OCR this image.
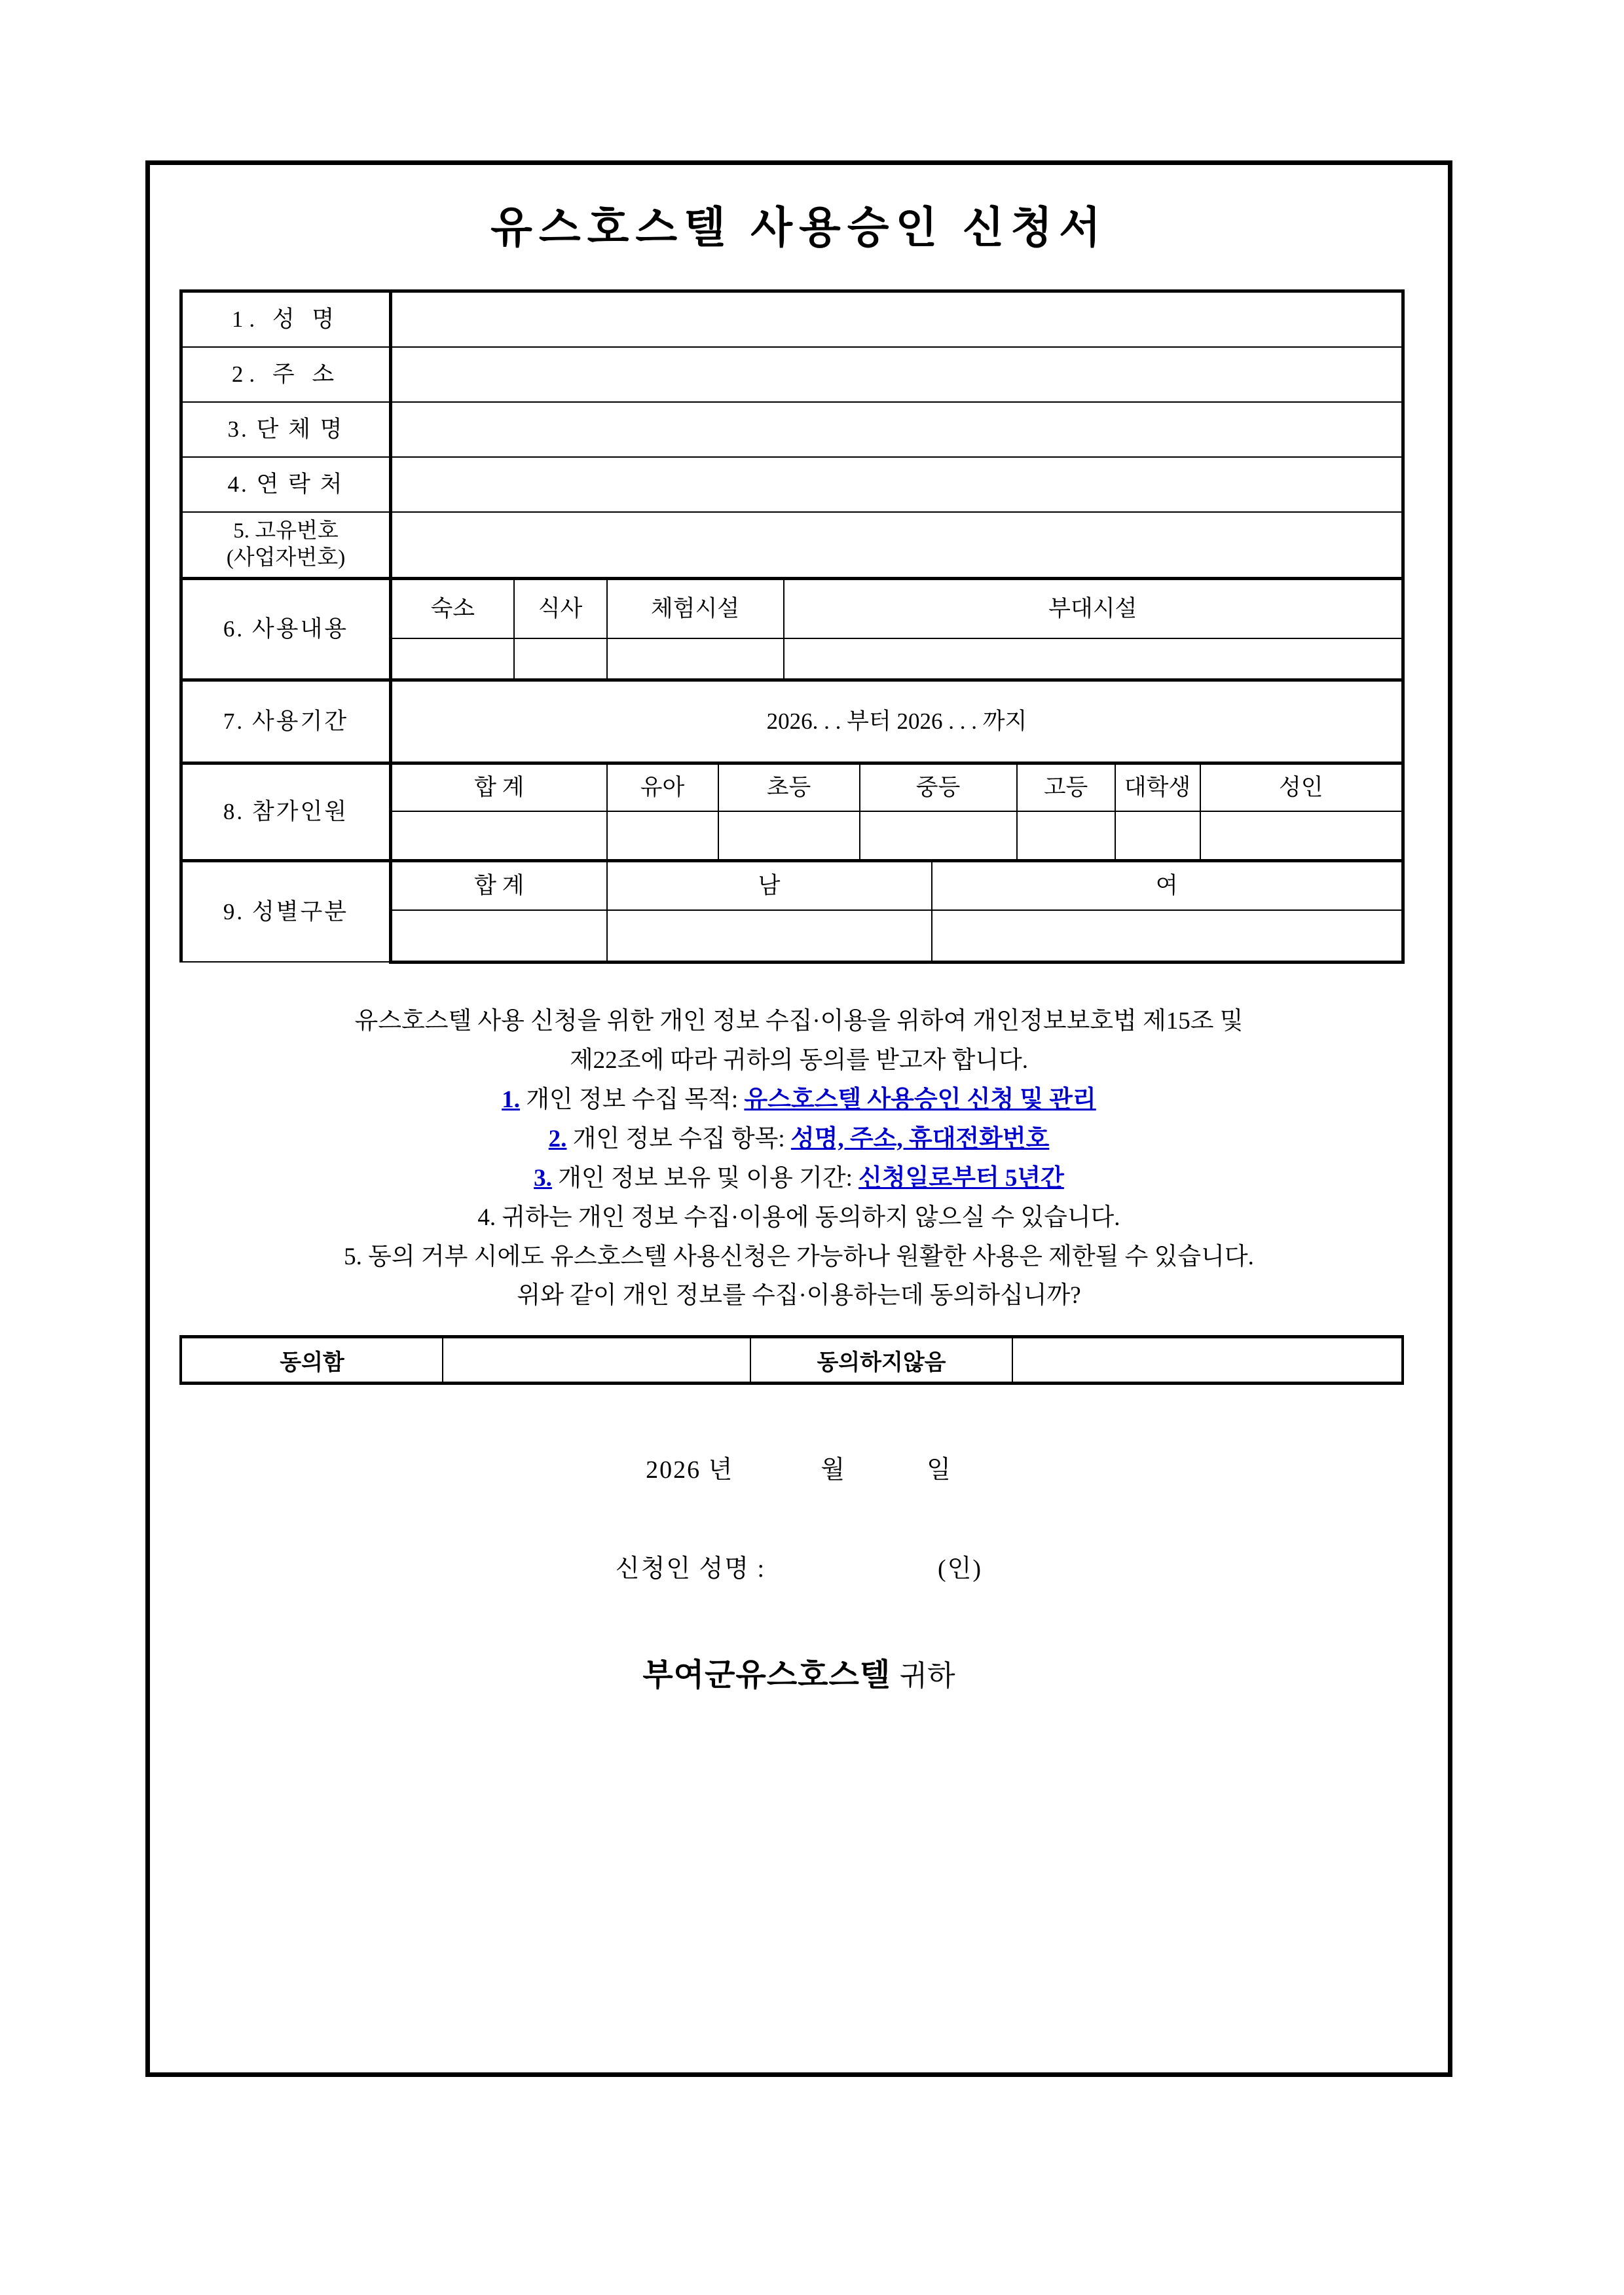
유스호스텔 사용승인 신청서
1. 성 명										
2. 주 소										
3. 단 체 명										
4. 연 락 처										

5. 고유번호
(사업자번호)										

6. 사용내용	숙소	식사	체험시설		부대시설					

7. 사용기간	2026. . . 부터 2026 . . . 까지									
8. 참가인원	합 계		유아	초등		중등		고등	대학생	성인

9. 성별구분	합 계		남				여			

유스호스텔 사용 신청을 위한 개인 정보 수집·이용을 위하여 개인정보보호법 제15조 및

제22조에 따라 귀하의 동의를 받고자 합니다.

1. 개인 정보 수집 목적: 유스호스텔 사용승인 신청 및 관리

2. 개인 정보 수집 항목: 성명, 주소, 휴대전화번호

3. 개인 정보 보유 및 이용 기간: 신청일로부터 5년간

4. 귀하는 개인 정보 수집·이용에 동의하지 않으실 수 있습니다.

5. 동의 거부 시에도 유스호스텔 사용신청은 가능하나 원활한 사용은 제한될 수 있습니다.

위와 같이 개인 정보를 수집·이용하는데 동의하십니까?

동의함		동의하지않음	
2026 년	월	일
신청인 성명 :	(인)
부여군유스호스텔 귀하
